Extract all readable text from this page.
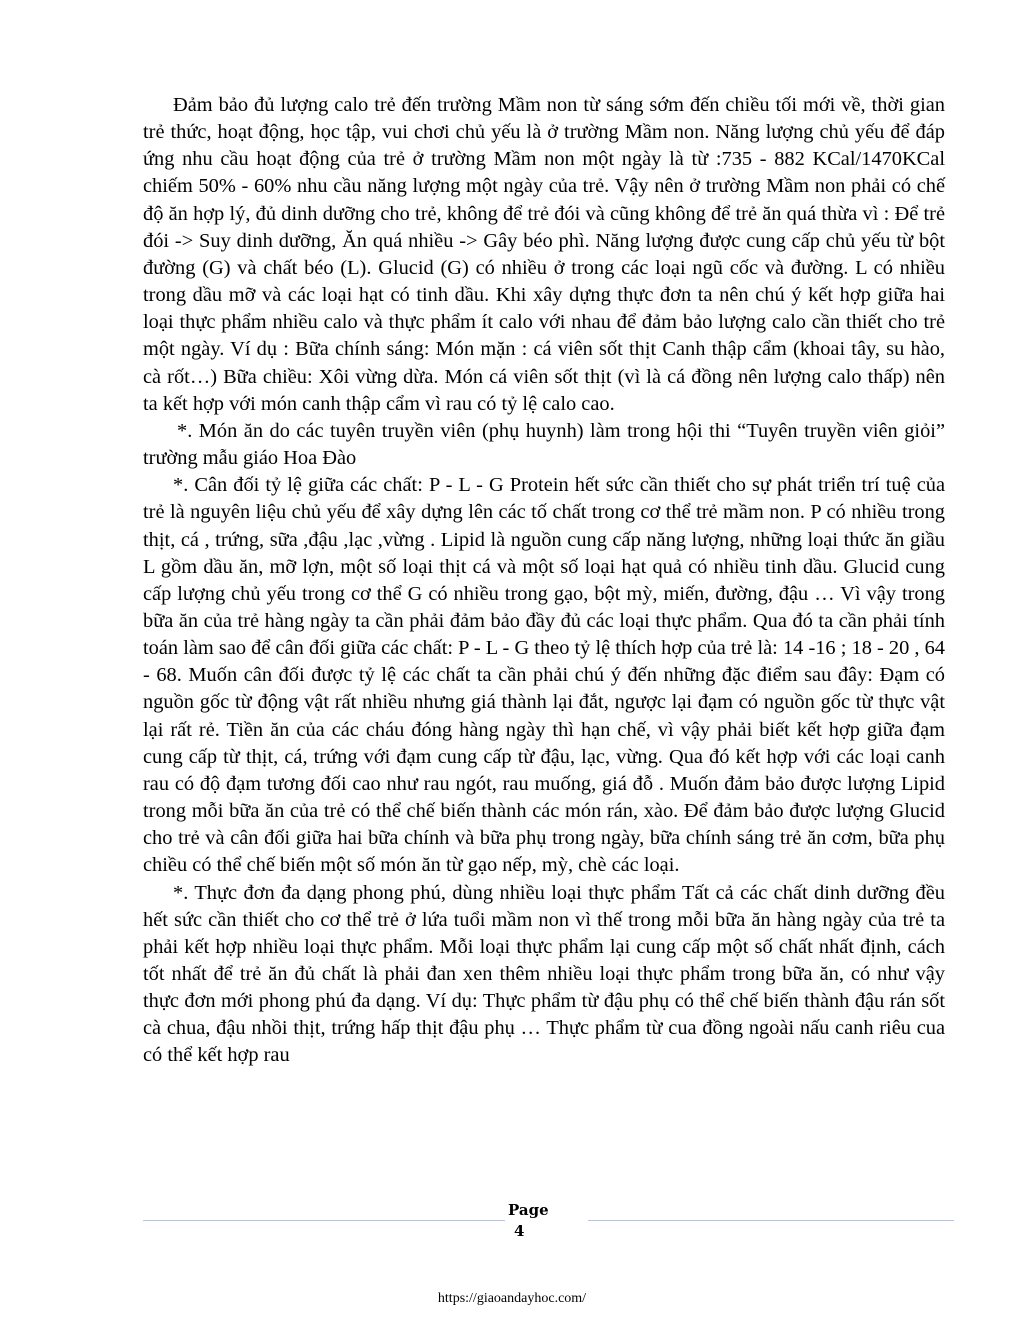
Đảm bảo đủ lượng calo trẻ đến trường Mầm non từ sáng sớm đến chiều tối mới về, thời gian trẻ thức, hoạt động, học tập, vui chơi chủ yếu là ở trường Mầm non. Năng lượng chủ yếu để đáp ứng nhu cầu hoạt động của trẻ ở trường Mầm non một ngày là từ :735 - 882 KCal/1470KCal chiếm 50% - 60% nhu cầu năng lượng một ngày của trẻ. Vậy nên ở trường Mầm non phải có chế độ ăn hợp lý, đủ dinh dưỡng cho trẻ, không để trẻ đói và cũng không để trẻ ăn quá thừa vì : Để trẻ đói -> Suy dinh dưỡng, Ăn quá nhiều -> Gây béo phì. Năng lượng được cung cấp chủ yếu từ bột đường (G) và chất béo (L). Glucid (G) có nhiều ở trong các loại ngũ cốc và đường. L có nhiều trong dầu mỡ và các loại hạt có tinh dầu. Khi xây dựng thực đơn ta nên chú ý kết hợp giữa hai loại thực phẩm nhiều calo và thực phẩm ít calo với nhau để đảm bảo lượng calo cần thiết cho trẻ một ngày. Ví dụ : Bữa chính sáng: Món mặn : cá viên sốt thịt Canh thập cẩm (khoai tây, su hào, cà rốt…) Bữa chiều: Xôi vừng dừa. Món cá viên sốt thịt (vì là cá đồng nên lượng calo thấp) nên ta kết hợp với món canh thập cẩm vì rau có tỷ lệ calo cao.

*. Món ăn do các tuyên truyền viên (phụ huynh) làm trong hội thi “Tuyên truyền viên giỏi” trường mẫu giáo Hoa Đào

*. Cân đối tỷ lệ giữa các chất: P - L - G Protein hết sức cần thiết cho sự phát triển trí tuệ của trẻ là nguyên liệu chủ yếu để xây dựng lên các tố chất trong cơ thể trẻ mầm non. P có nhiều trong thịt, cá , trứng, sữa ,đậu ,lạc ,vừng . Lipid là nguồn cung cấp năng lượng, những loại thức ăn giầu L gồm dầu ăn, mỡ lợn, một số loại thịt cá và một số loại hạt quả có nhiều tinh dầu. Glucid cung cấp lượng chủ yếu trong cơ thể G có nhiều trong gạo, bột mỳ, miến, đường, đậu … Vì vậy trong bữa ăn của trẻ hàng ngày ta cần phải đảm bảo đầy đủ các loại thực phẩm. Qua đó ta cần phải tính toán làm sao để cân đối giữa các chất: P - L - G theo tỷ lệ thích hợp của trẻ là: 14 -16 ; 18 - 20 , 64 - 68. Muốn cân đối được tỷ lệ các chất ta cần phải chú ý đến những đặc điểm sau đây: Đạm có nguồn gốc từ động vật rất nhiều nhưng giá thành lại đắt, ngược lại đạm có nguồn gốc từ thực vật lại rất rẻ. Tiền ăn của các cháu đóng hàng ngày thì hạn chế, vì vậy phải biết kết hợp giữa đạm cung cấp từ thịt, cá, trứng với đạm cung cấp từ đậu, lạc, vừng. Qua đó kết hợp với các loại canh rau có độ đạm tương đối cao như rau ngót, rau muống, giá đỗ . Muốn đảm bảo được lượng Lipid trong mỗi bữa ăn của trẻ có thể chế biến thành các món rán, xào. Để đảm bảo được lượng Glucid cho trẻ và cân đối giữa hai bữa chính và bữa phụ trong ngày, bữa chính sáng trẻ ăn cơm, bữa phụ chiều có thể chế biến một số món ăn từ gạo nếp, mỳ, chè các loại.

*. Thực đơn đa dạng phong phú, dùng nhiều loại thực phẩm Tất cả các chất dinh dưỡng đều hết sức cần thiết cho cơ thể trẻ ở lứa tuổi mầm non vì thế trong mỗi bữa ăn hàng ngày của trẻ ta phải kết hợp nhiều loại thực phẩm. Mỗi loại thực phẩm lại cung cấp một số chất nhất định, cách tốt nhất để trẻ ăn đủ chất là phải đan xen thêm nhiều loại thực phẩm trong bữa ăn, có như vậy thực đơn mới phong phú đa dạng. Ví dụ: Thực phẩm từ đậu phụ có thể chế biến thành đậu rán sốt cà chua, đậu nhồi thịt, trứng hấp thịt đậu phụ … Thực phẩm từ cua đồng ngoài nấu canh riêu cua có thể kết hợp rau

Page
4
https://giaoandayhoc.com/
